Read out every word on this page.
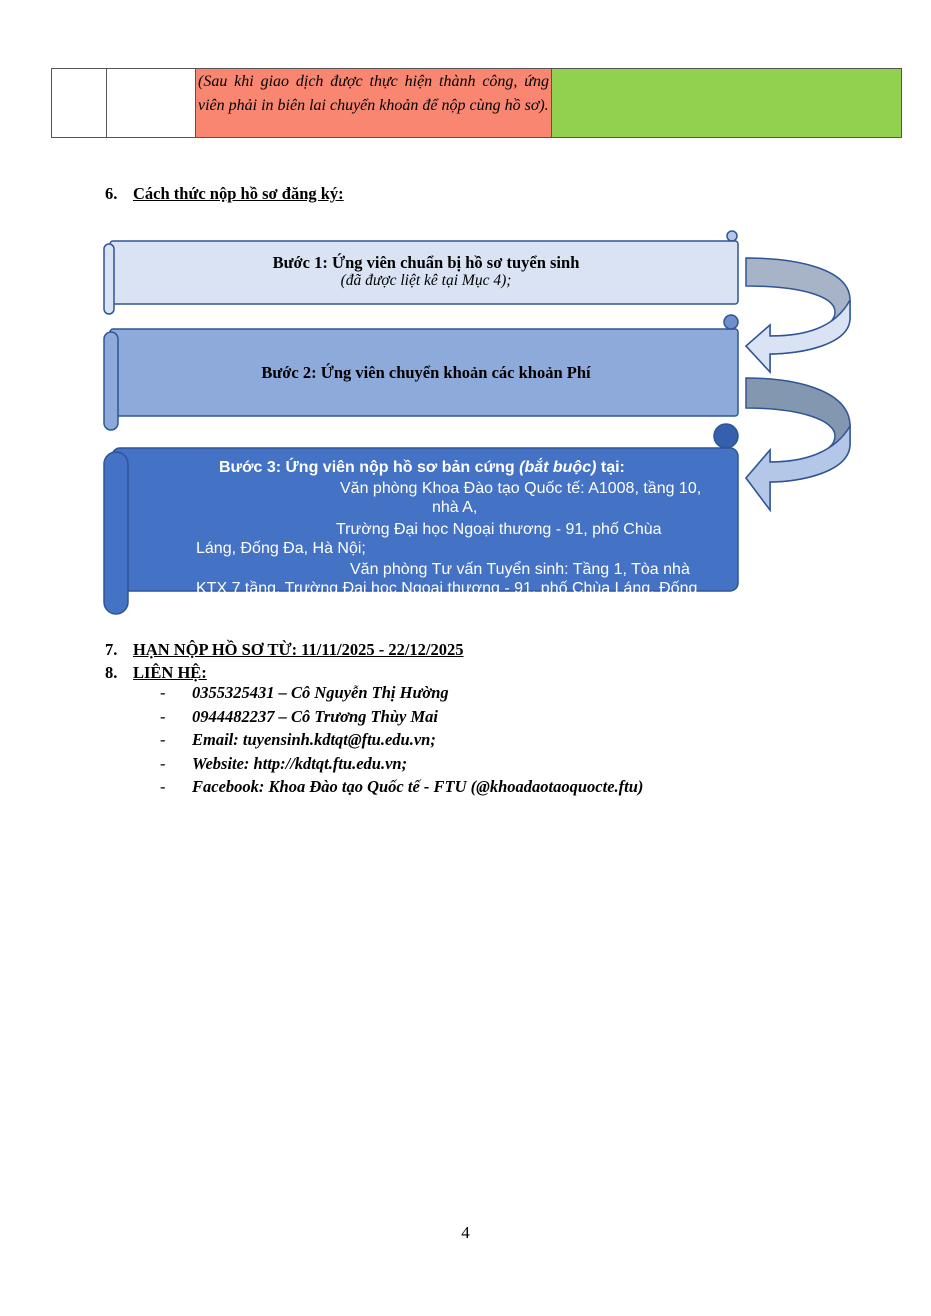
(Sau khi giao dịch được thực hiện thành công, ứng viên phải in biên lai chuyển khoản để nộp cùng hồ sơ).
6. Cách thức nộp hồ sơ đăng ký:
Bước 1: Ứng viên chuẩn bị hồ sơ tuyển sinh
(đã được liệt kê tại Mục 4);
Bước 2: Ứng viên chuyển khoản các khoản Phí
Bước 3: Ứng viên nộp hồ sơ bản cứng (bắt buộc) tại:
Văn phòng Khoa Đào tạo Quốc tế: A1008, tầng 10,
nhà A,
Trường Đại học Ngoại thương - 91, phố Chùa
Láng, Đống Đa, Hà Nội;
Văn phòng Tư vấn Tuyển sinh: Tầng 1, Tòa nhà
KTX 7 tầng, Trường Đại học Ngoại thương - 91, phố Chùa Láng, Đống
7. HẠN NỘP HỒ SƠ TỪ: 11/11/2025 - 22/12/2025
8. LIÊN HỆ:
- 0355325431 – Cô Nguyễn Thị Hường
- 0944482237 – Cô Trương Thùy Mai
- Email: tuyensinh.kdtqt@ftu.edu.vn;
- Website: http://kdtqt.ftu.edu.vn;
- Facebook: Khoa Đào tạo Quốc tế - FTU (@khoadaotaoquocte.ftu)
4
